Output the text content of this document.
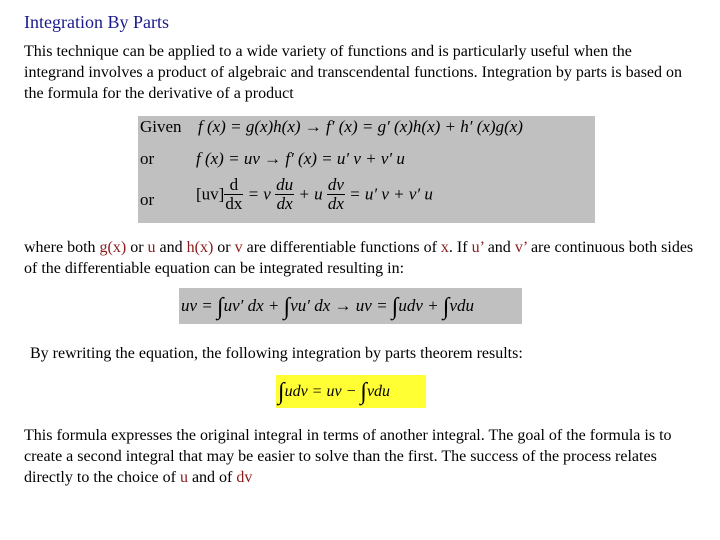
Integration By Parts
This technique can be applied to a wide variety of functions and is particularly useful when the integrand involves a product of algebraic and transcendental functions. Integration by parts is based on the formula for the derivative of a product
Given f (x) = g(x)h(x) → f′ (x) = g′ (x)h(x) + h′ (x)g(x)
or f (x) = uv → f′ (x) = u′ v + v′ u
or $[uv] \frac{d}{dx} = v \frac{du}{dx} + u \frac{dv}{dx} = u'$ v + v′ u
where both g(x) or u and h(x) or v are differentiable functions of x. If u’ and v’ are continuous both sides of the differentiable equation can be integrated resulting in:
uv = ∫uv′ dx + ∫vu′ dx → uv = ∫udv + ∫vdu
By rewriting the equation, the following integration by parts theorem results:
∫udv = uv − ∫vdu
This formula expresses the original integral in terms of another integral. The goal of the formula is to create a second integral that may be easier to solve than the first. The success of the process relates directly to the choice of u and of dv
